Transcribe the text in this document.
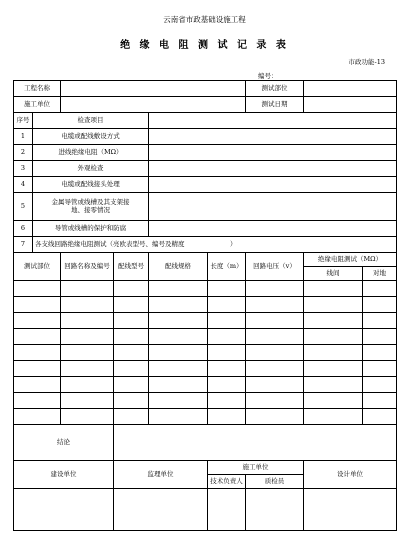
云南省市政基础设施工程
绝 缘 电 阻 测 试 记 录 表
市政功能-13
编号：
工程名称						测试部位		
施工单位						测试日期		
序号	检查项目							
1	电缆或配线敷设方式							
2	进线绝缘电阻（MΩ）							
3	外观检查							
4	电缆或配线接头处理							
5	金属导管或线槽及其支架接地、接零情况							
6	导管或线槽的保护和防腐							
7	各支线回路绝缘电阻测试（亮欧表型号、编号及精度　　　　　　　）							
测试部位		回路名称及编号	配线型号	配线规格	长度（m）	回路电压（v）	绝缘电阻测试（MΩ）	
							线间	对地

结论								
建设单位			监理单位		施工单位		设计单位	
					技术负责人	质检员		
